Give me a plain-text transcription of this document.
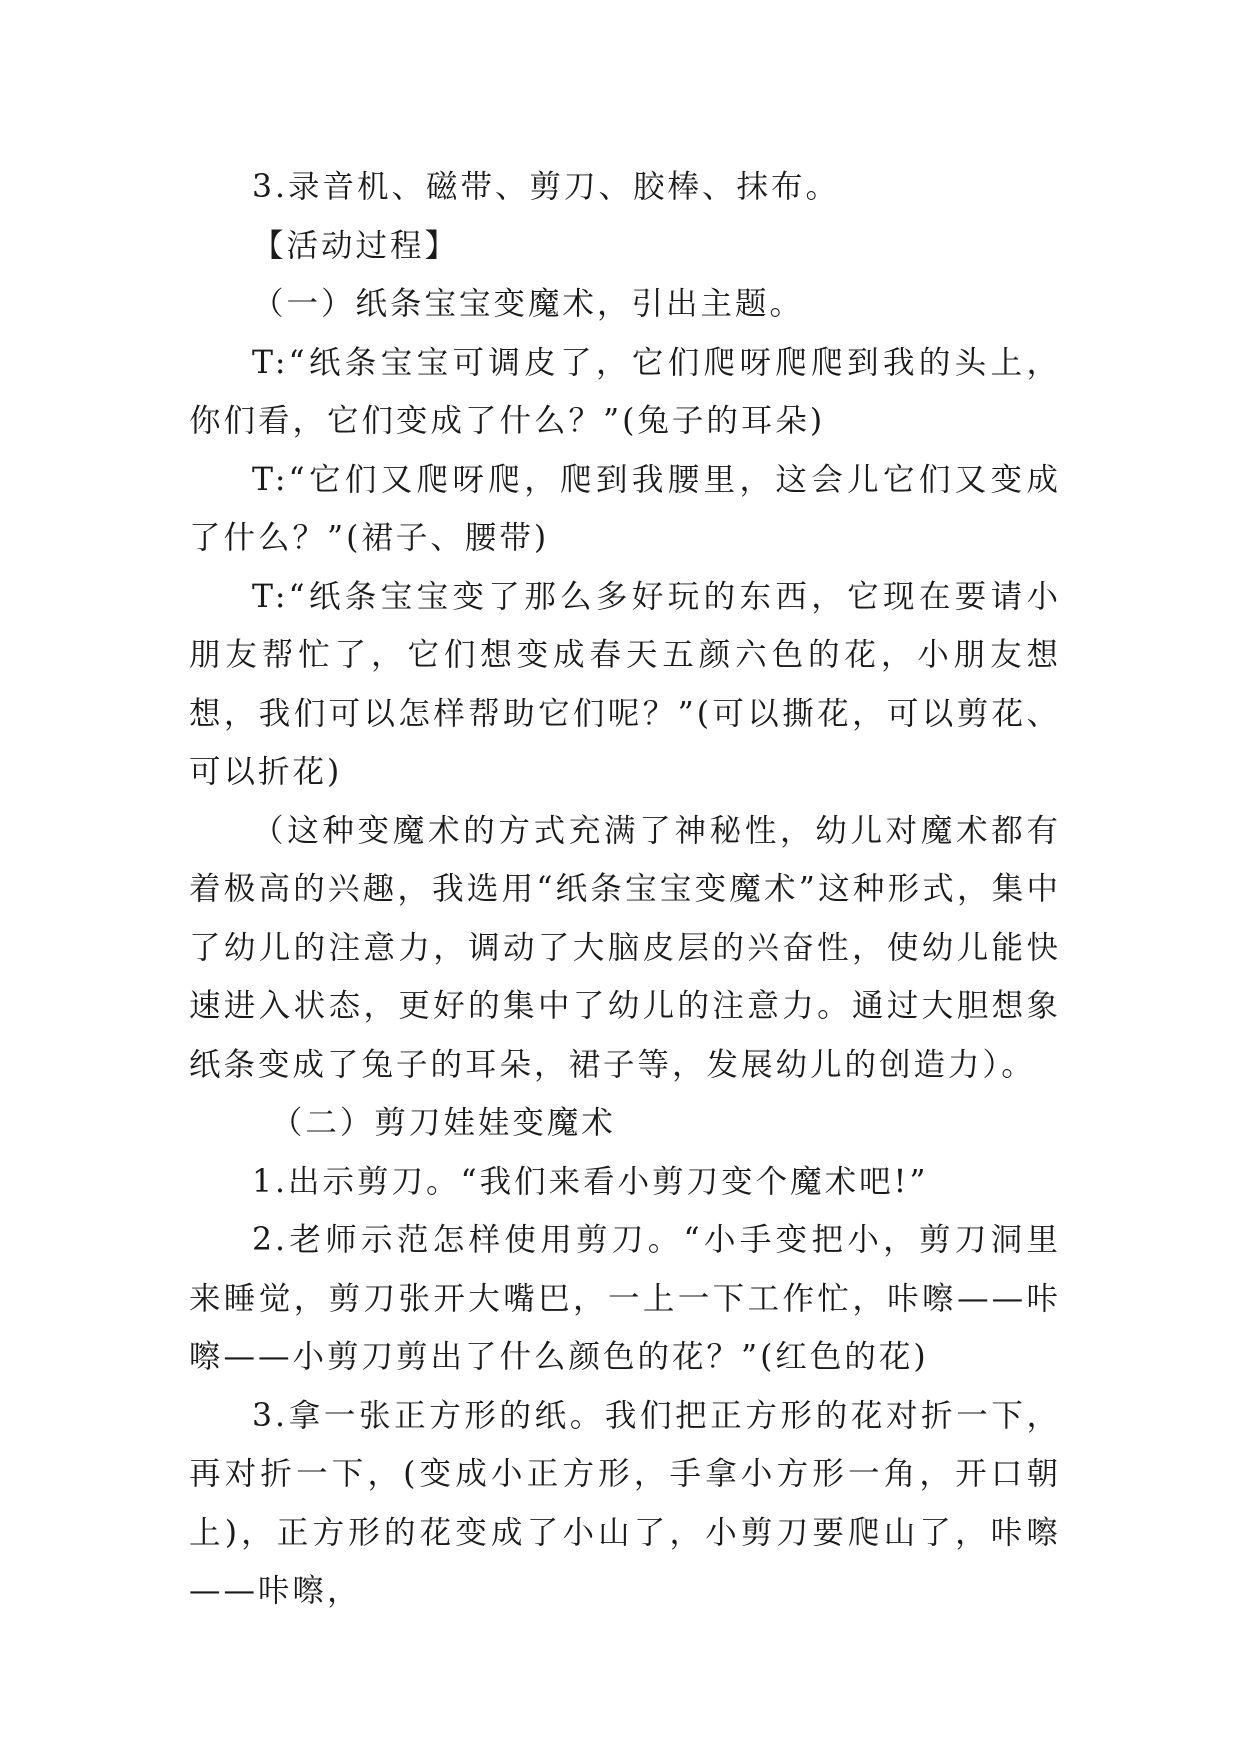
3.录音机、磁带、剪刀、胶棒、抹布。

【活动过程】

（一）纸条宝宝变魔术，引出主题。

T:“纸条宝宝可调皮了，它们爬呀爬爬到我的头上，你们看，它们变成了什么？”(兔子的耳朵)

T:“它们又爬呀爬，爬到我腰里，这会儿它们又变成了什么？”(裙子、腰带)

T:“纸条宝宝变了那么多好玩的东西，它现在要请小朋友帮忙了，它们想变成春天五颜六色的花，小朋友想想，我们可以怎样帮助它们呢？”(可以撕花，可以剪花、可以折花)

（这种变魔术的方式充满了神秘性，幼儿对魔术都有着极高的兴趣，我选用“纸条宝宝变魔术”这种形式，集中了幼儿的注意力，调动了大脑皮层的兴奋性，使幼儿能快速进入状态，更好的集中了幼儿的注意力。通过大胆想象纸条变成了兔子的耳朵，裙子等，发展幼儿的创造力）。

（二）剪刀娃娃变魔术

1.出示剪刀。“我们来看小剪刀变个魔术吧!”

2.老师示范怎样使用剪刀。“小手变把小，剪刀洞里来睡觉，剪刀张开大嘴巴，一上一下工作忙，咔嚓——咔嚓——小剪刀剪出了什么颜色的花？”(红色的花)

3.拿一张正方形的纸。我们把正方形的花对折一下，再对折一下，(变成小正方形，手拿小方形一角，开口朝上)，正方形的花变成了小山了，小剪刀要爬山了，咔嚓——咔嚓，
